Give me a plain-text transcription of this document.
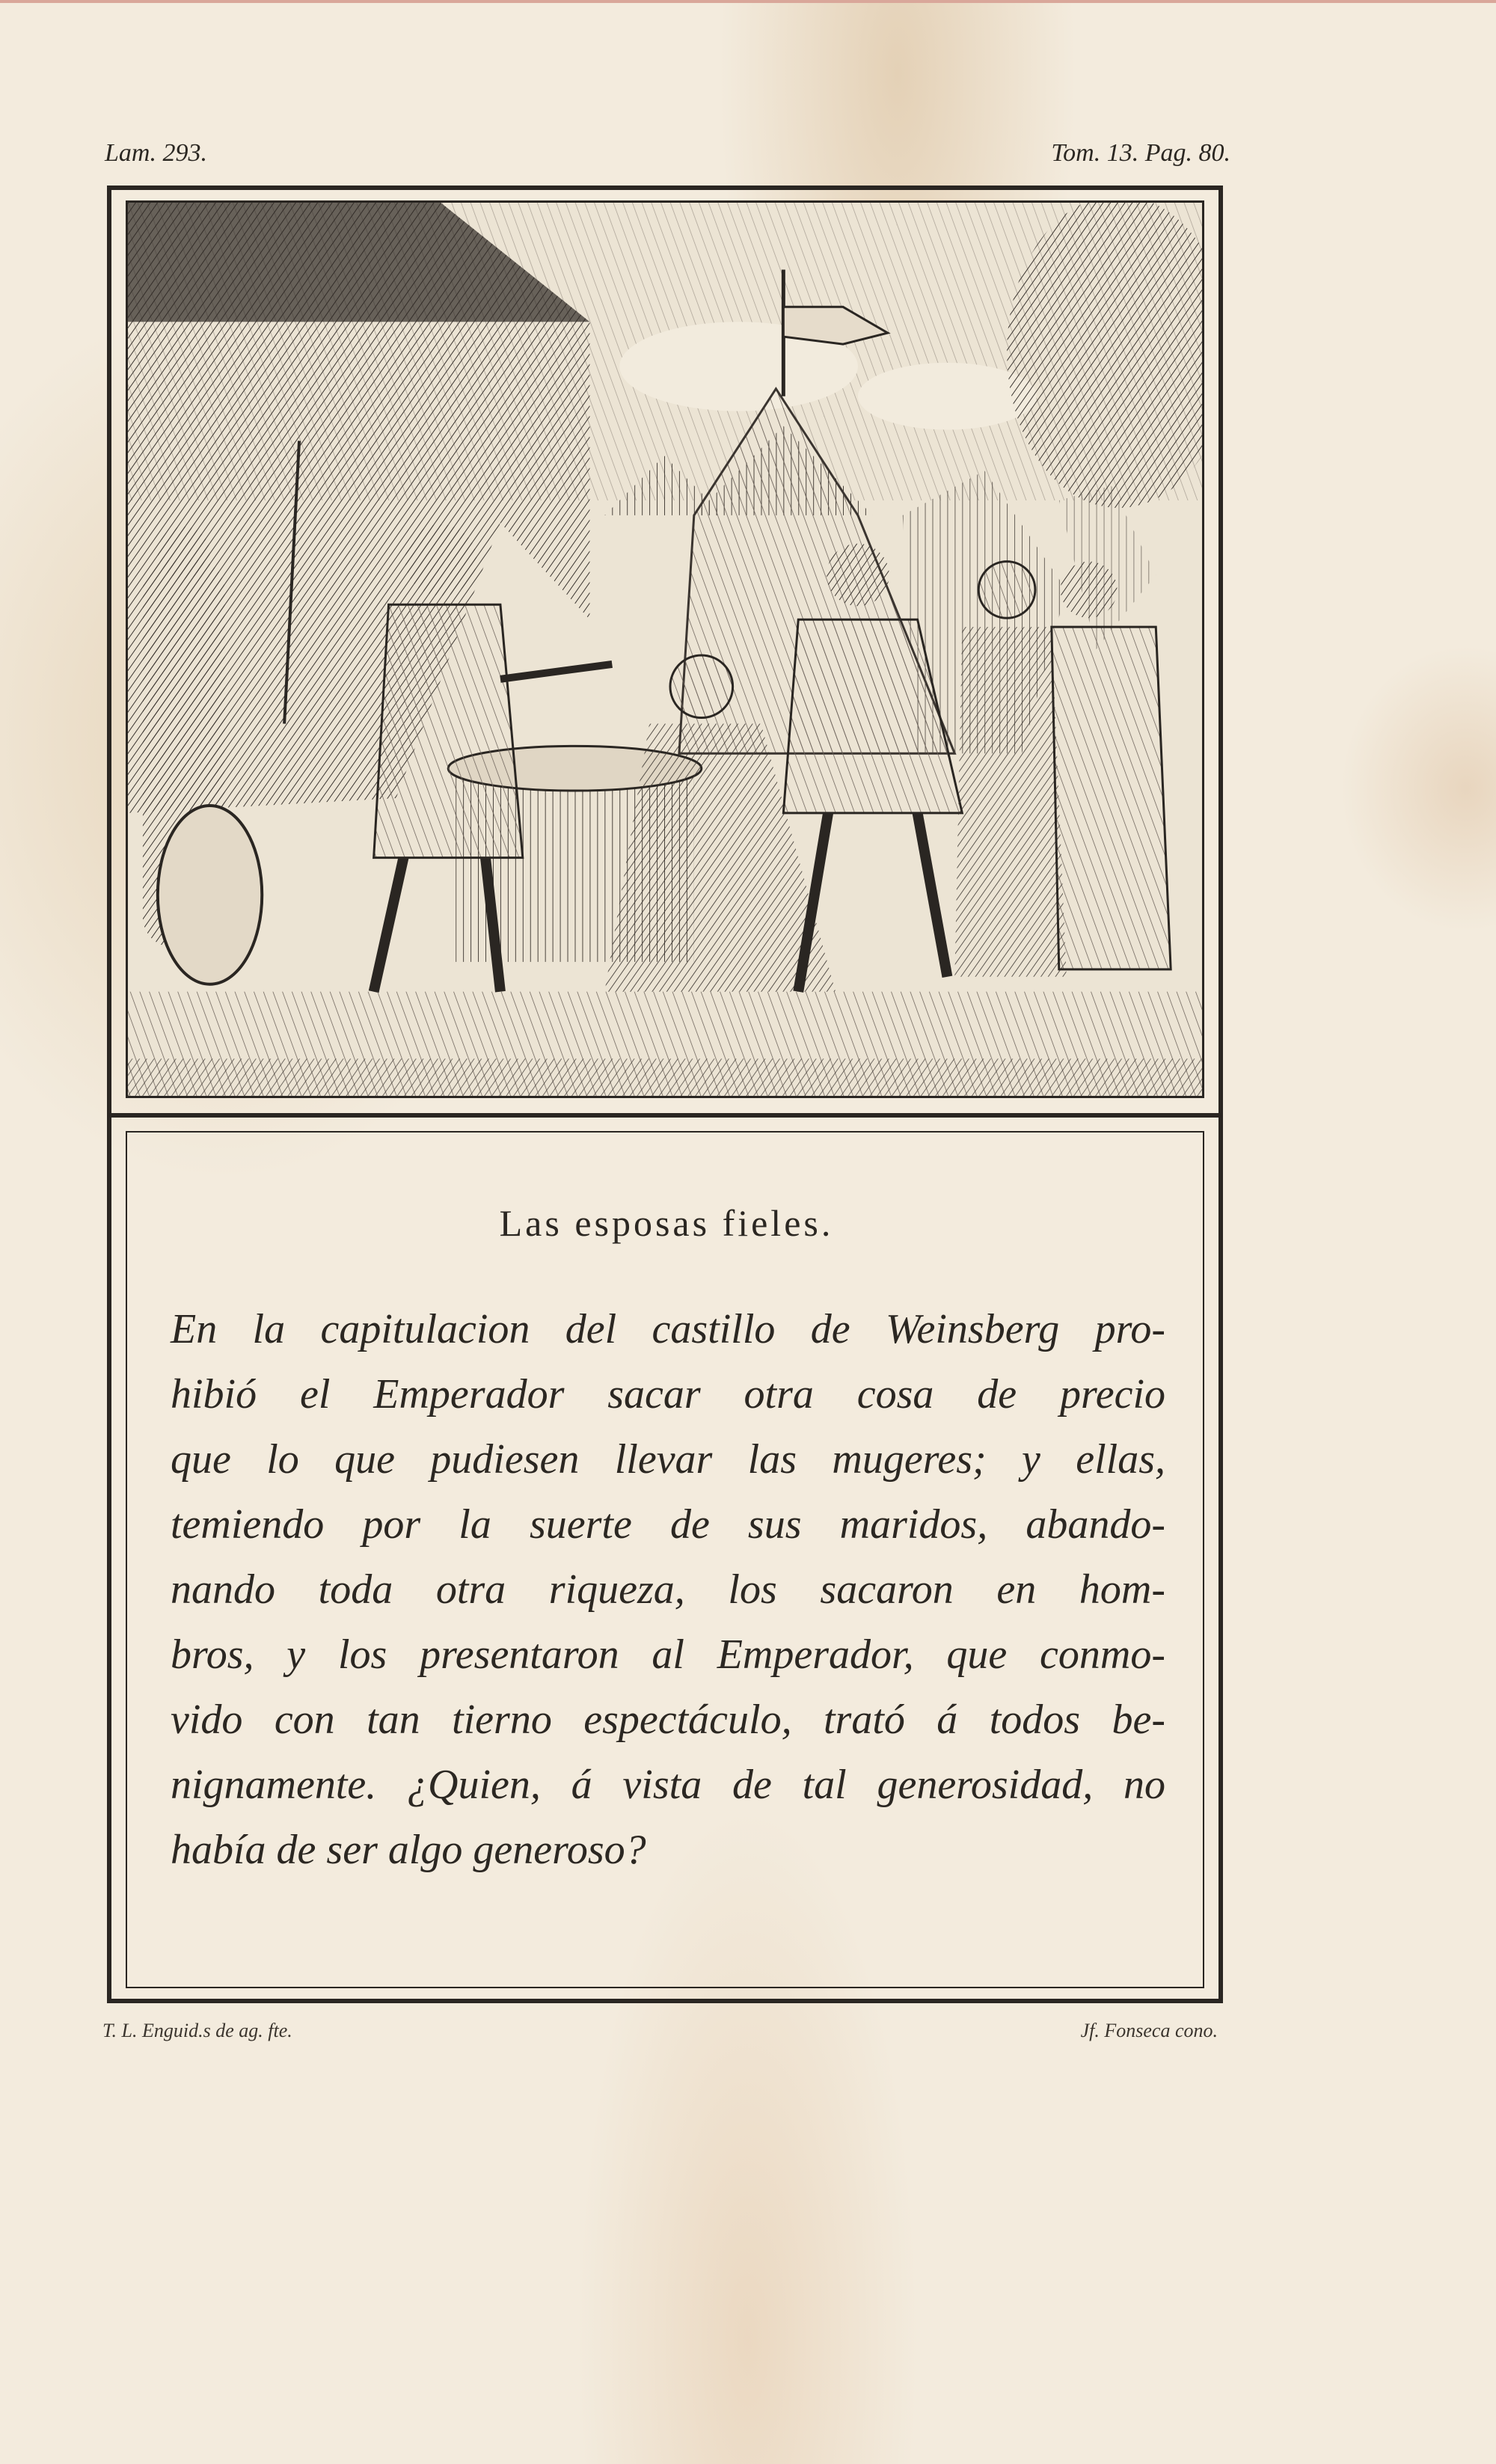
Lam. 293.	Tom. 13. Pag. 80.
Las esposas fieles.
En la capitulacion del castillo de Weinsberg pro-
hibió el Emperador sacar otra cosa de precio
que lo que pudiesen llevar las mugeres; y ellas,
temiendo por la suerte de sus maridos, abando-
nando toda otra riqueza, los sacaron en hom-
bros, y los presentaron al Emperador, que conmo-
vido con tan tierno espectáculo, trató á todos be-
nignamente. ¿Quien, á vista de tal generosidad, no
había de ser algo generoso?
T. L. Enguid.s de ag. fte.	Jf. Fonseca cono.
